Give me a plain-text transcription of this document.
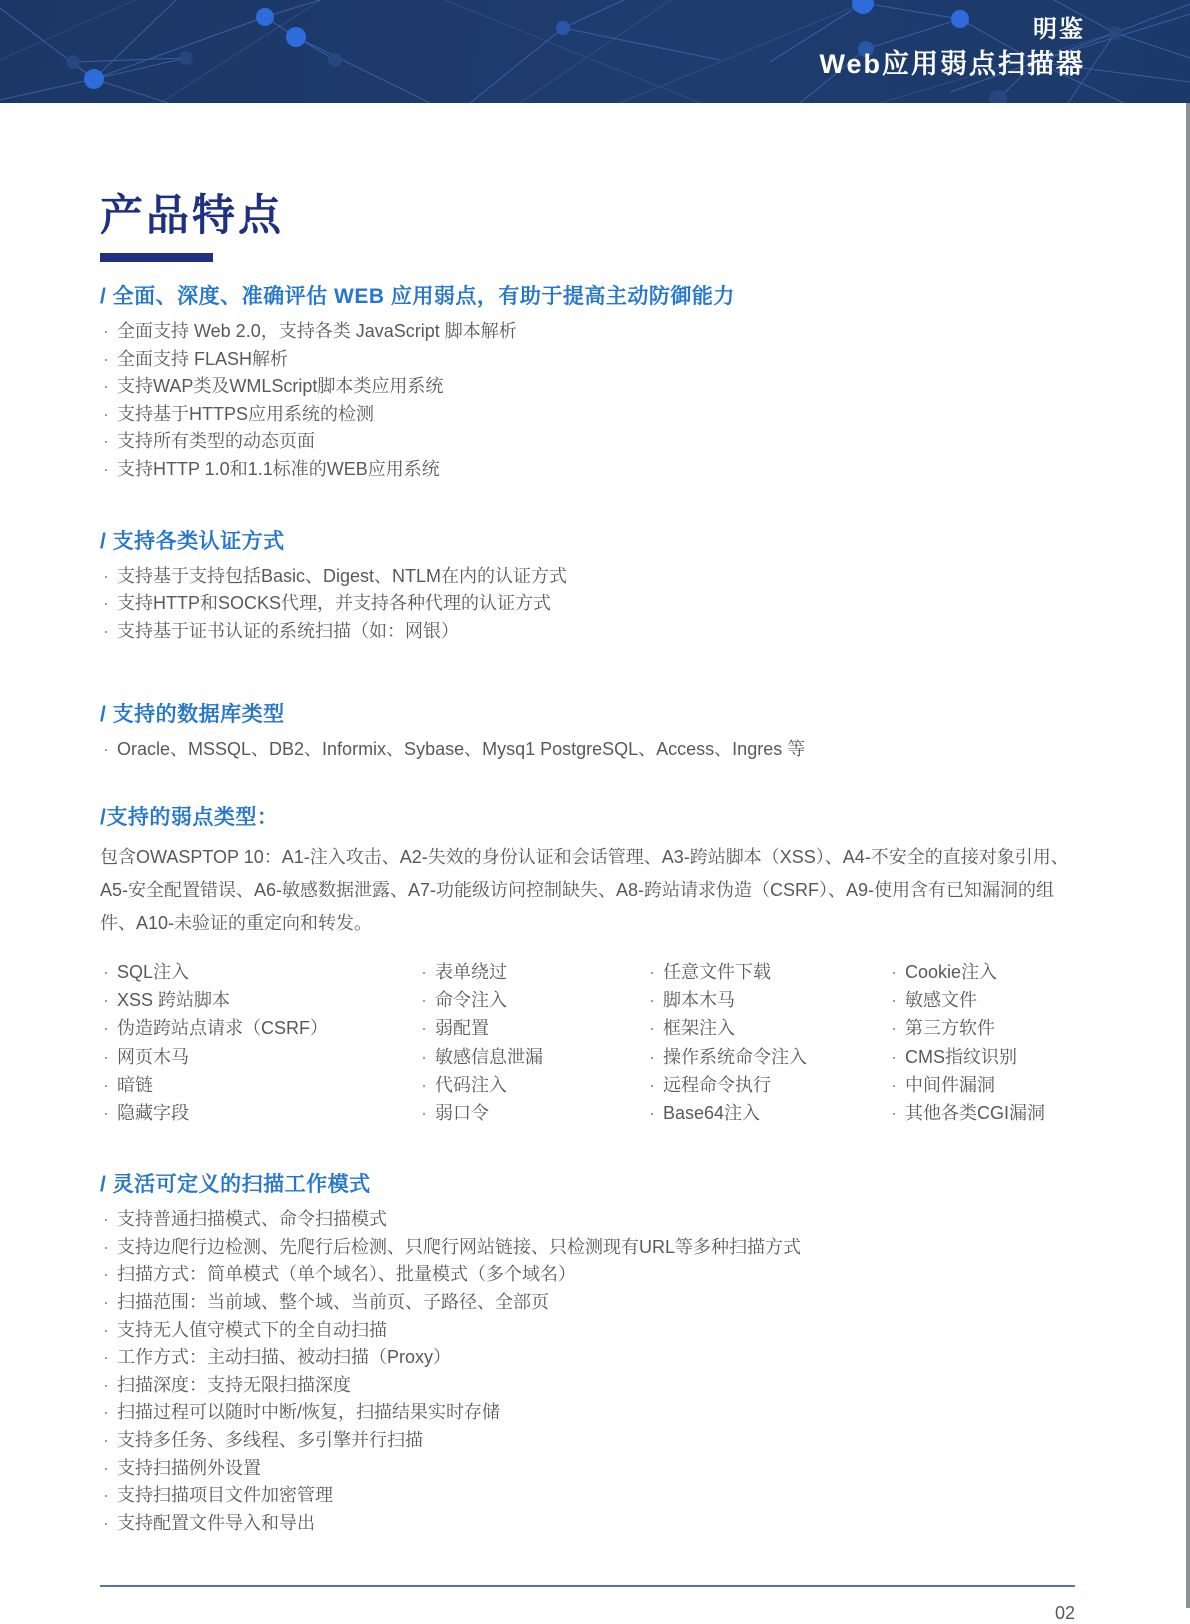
明鉴
Web应用弱点扫描器
产品特点
/ 全面、深度、准确评估 WEB 应用弱点，有助于提高主动防御能力
· 全面支持 Web 2.0，支持各类 JavaScript 脚本解析
· 全面支持 FLASH解析
· 支持WAP类及WMLScript脚本类应用系统
· 支持基于HTTPS应用系统的检测
· 支持所有类型的动态页面
· 支持HTTP 1.0和1.1标准的WEB应用系统
/ 支持各类认证方式
· 支持基于支持包括Basic、Digest、NTLM在内的认证方式
· 支持HTTP和SOCKS代理，并支持各种代理的认证方式
· 支持基于证书认证的系统扫描（如：网银）
/ 支持的数据库类型
· Oracle、MSSQL、DB2、Informix、Sybase、Mysq1 PostgreSQL、Access、Ingres 等
/支持的弱点类型：

包含OWASPTOP 10：A1-注入攻击、A2-失效的身份认证和会话管理、A3-跨站脚本（XSS）、A4-不安全的直接对象引用、A5-安全配置错误、A6-敏感数据泄露、A7-功能级访问控制缺失、A8-跨站请求伪造（CSRF）、A9-使用含有已知漏洞的组件、A10-未验证的重定向和转发。

· SQL注入
· XSS 跨站脚本
· 伪造跨站点请求（CSRF）
· 网页木马
· 暗链
· 隐藏字段
· 表单绕过
· 命令注入
· 弱配置
· 敏感信息泄漏
· 代码注入
· 弱口令
· 任意文件下载
· 脚本木马
· 框架注入
· 操作系统命令注入
· 远程命令执行
· Base64注入
· Cookie注入
· 敏感文件
· 第三方软件
· CMS指纹识别
· 中间件漏洞
· 其他各类CGI漏洞
/ 灵活可定义的扫描工作模式
· 支持普通扫描模式、命令扫描模式
· 支持边爬行边检测、先爬行后检测、只爬行网站链接、只检测现有URL等多种扫描方式
· 扫描方式：简单模式（单个域名）、批量模式（多个域名）
· 扫描范围：当前域、整个域、当前页、子路径、全部页
· 支持无人值守模式下的全自动扫描
· 工作方式：主动扫描、被动扫描（Proxy）
· 扫描深度：支持无限扫描深度
· 扫描过程可以随时中断/恢复，扫描结果实时存储
· 支持多任务、多线程、多引擎并行扫描
· 支持扫描例外设置
· 支持扫描项目文件加密管理
· 支持配置文件导入和导出
02
